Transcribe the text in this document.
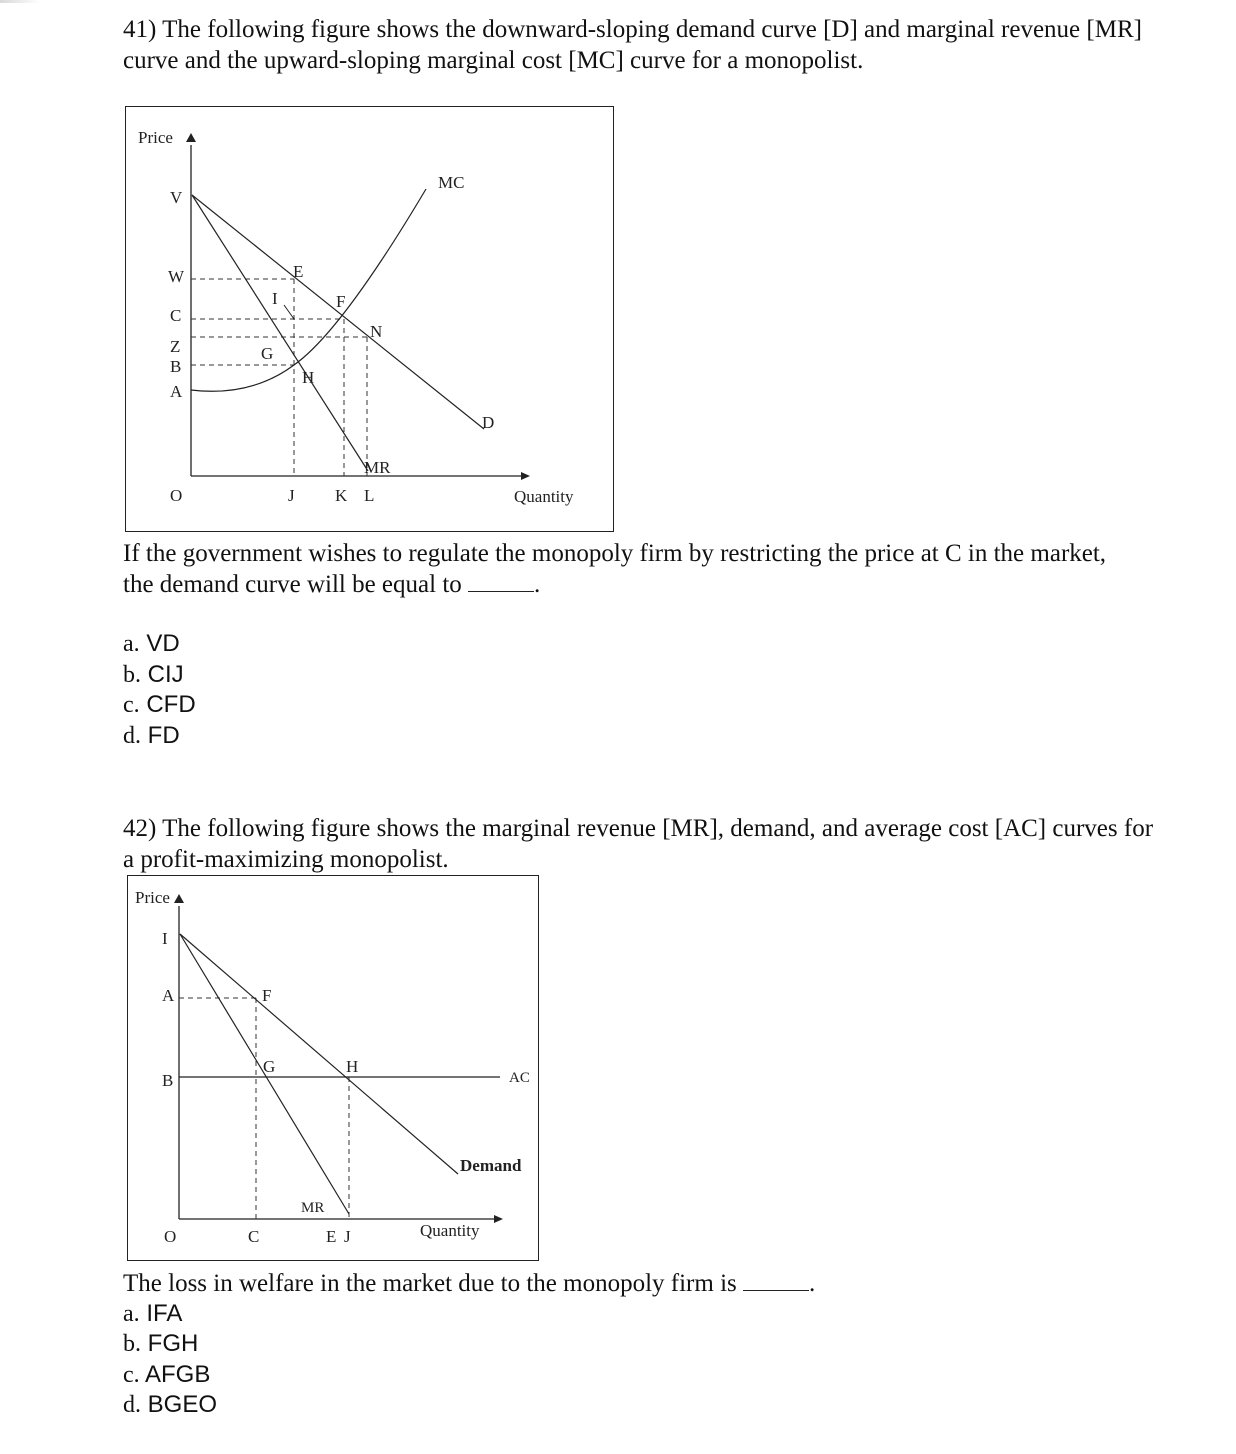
41) The following figure shows the downward-sloping demand curve [D] and marginal revenue [MR] curve and the upward-sloping marginal cost [MC] curve for a monopolist.

Price
Quantity
O
V
W
C
Z
B
A
J K L
MC
MR
D
E
F
I
N
G
H

If the government wishes to regulate the monopoly firm by restricting the price at C in the market, the demand curve will be equal to	.

a. VD

b. CIJ

c. CFD

d. FD

42) The following figure shows the marginal revenue [MR], demand, and average cost [AC] curves for a profit-maximizing monopolist.

Price
Quantity
O
I
A
B
C	E J
AC
Demand
MR
F
G	H

The loss in welfare in the market due to the monopoly firm is	.

a. IFA

b. FGH

c. AFGB

d. BGEO
